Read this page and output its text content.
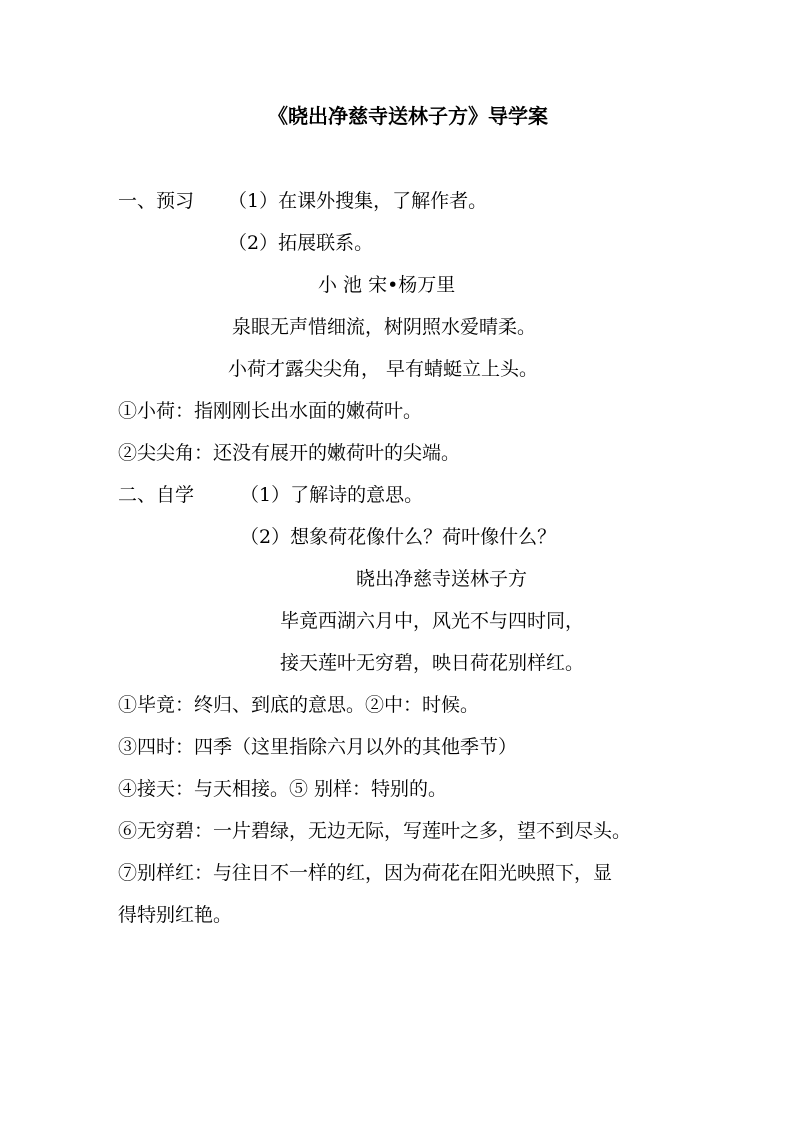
《晓出净慈寺送林子方》导学案
一、预习 （1）在课外搜集，了解作者。
（2）拓展联系。
小 池 宋•杨万里
泉眼无声惜细流，树阴照水爱晴柔。
小荷才露尖尖角， 早有蜻蜓立上头。
①小荷：指刚刚长出水面的嫩荷叶。
②尖尖角：还没有展开的嫩荷叶的尖端。
二、自学 （1）了解诗的意思。
（2）想象荷花像什么？荷叶像什么？
晓出净慈寺送林子方
毕竟西湖六月中，风光不与四时同，
接天莲叶无穷碧，映日荷花别样红。
①毕竟：终归、到底的意思。②中：时候。
③四时：四季（这里指除六月以外的其他季节）
④接天：与天相接。⑤ 别样：特别的。
⑥无穷碧：一片碧绿，无边无际，写莲叶之多，望不到尽头。
⑦别样红：与往日不一样的红，因为荷花在阳光映照下，显
得特别红艳。
